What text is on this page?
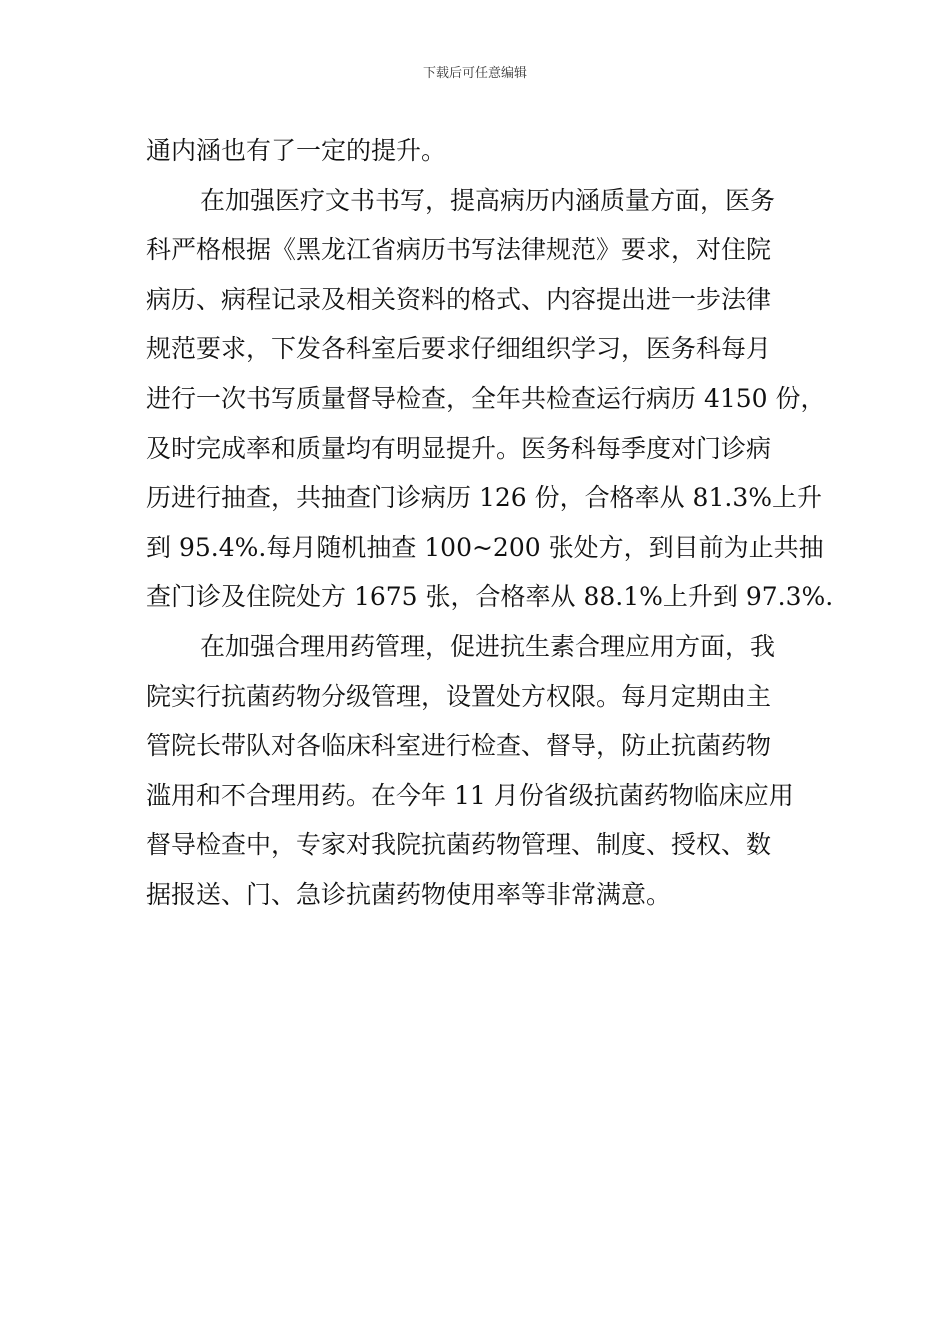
下载后可任意编辑
通内涵也有了一定的提升。
在加强医疗文书书写，提高病历内涵质量方面，医务
科严格根据《黑龙江省病历书写法律规范》要求，对住院
病历、病程记录及相关资料的格式、内容提出进一步法律
规范要求，下发各科室后要求仔细组织学习，医务科每月
进行一次书写质量督导检查，全年共检查运行病历 4150 份，
及时完成率和质量均有明显提升。医务科每季度对门诊病
历进行抽查，共抽查门诊病历 126 份，合格率从 81.3%上升
到 95.4%.每月随机抽查 100~200 张处方，到目前为止共抽
查门诊及住院处方 1675 张，合格率从 88.1%上升到 97.3%.
在加强合理用药管理，促进抗生素合理应用方面，我
院实行抗菌药物分级管理，设置处方权限。每月定期由主
管院长带队对各临床科室进行检查、督导，防止抗菌药物
滥用和不合理用药。在今年 11 月份省级抗菌药物临床应用
督导检查中，专家对我院抗菌药物管理、制度、授权、数
据报送、门、急诊抗菌药物使用率等非常满意。
